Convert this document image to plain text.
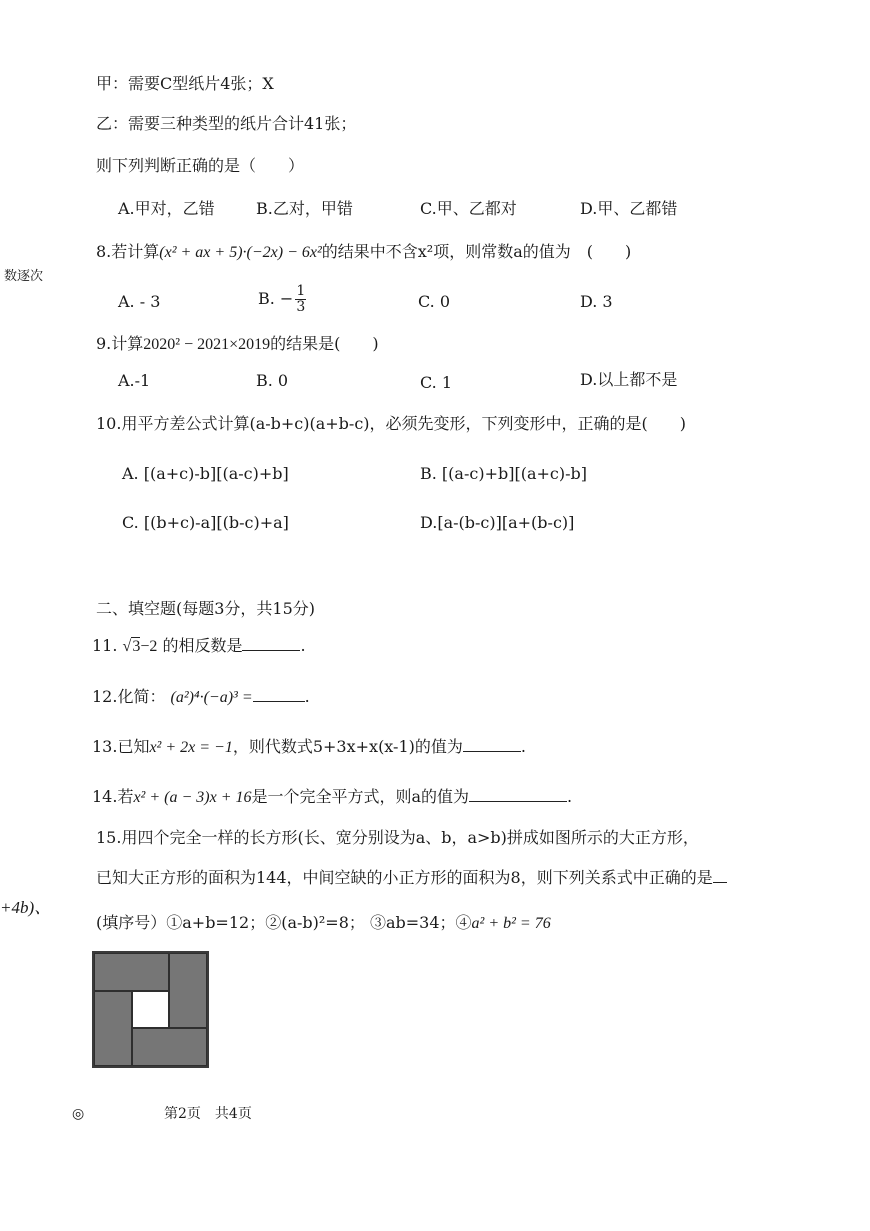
数逐次
+4b)、
甲：需要C型纸片4张；X
乙：需要三种类型的纸片合计41张；
则下列判断正确的是（　　）
A.甲对，乙错	B.乙对，甲错	C.甲、乙都对	D.甲、乙都错
8.若计算(x² + ax + 5)·(−2x) − 6x²的结果中不含x²项，则常数a的值为　(　　)
A. - 3	B. − $\frac{1}{3}$	C. 0	D. 3
9.计算2020² − 2021×2019的结果是(　　)
A.-1	B. 0	C. 1	D.以上都不是
10.用平方差公式计算(a-b+c)(a+b-c)，必须先变形，下列变形中，正确的是(　　)
A. [(a+c)-b][(a-c)+b]	B. [(a-c)+b][(a+c)-b]
C. [(b+c)-a][(b-c)+a]	D.[a-(b-c)][a+(b-c)]
二、填空题(每题3分，共15分)
11. √3−2 的相反数是	.
12.化简： (a²)⁴·(−a)³ =	.
13.已知x² + 2x = −1，则代数式5+3x+x(x-1)的值为	.
14.若x² + (a − 3)x + 16是一个完全平方式，则a的值为	.
15.用四个完全一样的长方形(长、宽分别设为a、b，a>b)拼成如图所示的大正方形，
已知大正方形的面积为144，中间空缺的小正方形的面积为8，则下列关系式中正确的是
(填序号）①a+b=12；②(a-b)²=8； ③ab=34；④a² + b² = 76
◎	第2页　共4页
